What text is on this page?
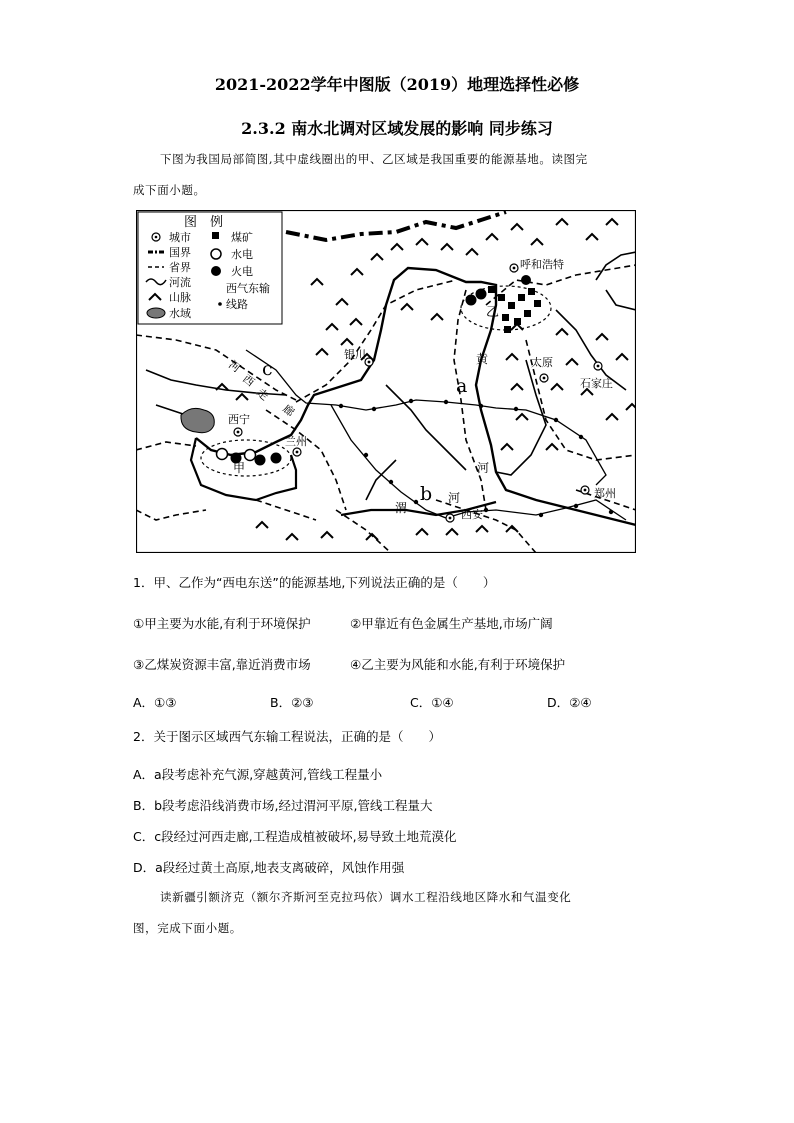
2021-2022学年中图版（2019）地理选择性必修
2.3.2 南水北调对区域发展的影响 同步练习
下图为我国局部简图,其中虚线圈出的甲、乙区域是我国重要的能源基地。读图完
成下面小题。
图　例
城市
国界
省界
河流
山脉
水域
煤矿
水电
火电
西气东输
线路
呼和浩特
银川
太原
石家庄
西宁
兰州
郑州
西安
甲
乙
黄
河
渭
河
河
西
走
廊
c
a
b
1．甲、乙作为“西电东送”的能源基地,下列说法正确的是（　　）
①甲主要为水能,有利于环境保护	②甲靠近有色金属生产基地,市场广阔
③乙煤炭资源丰富,靠近消费市场	④乙主要为风能和水能,有利于环境保护
A．①③	B．②③	C．①④	D．②④
2．关于图示区域西气东输工程说法，正确的是（　　）
A．a段考虑补充气源,穿越黄河,管线工程量小
B．b段考虑沿线消费市场,经过渭河平原,管线工程量大
C．c段经过河西走廊,工程造成植被破坏,易导致土地荒漠化
D．a段经过黄土高原,地表支离破碎，风蚀作用强
读新疆引额济克（额尔齐斯河至克拉玛依）调水工程沿线地区降水和气温变化
图，完成下面小题。
